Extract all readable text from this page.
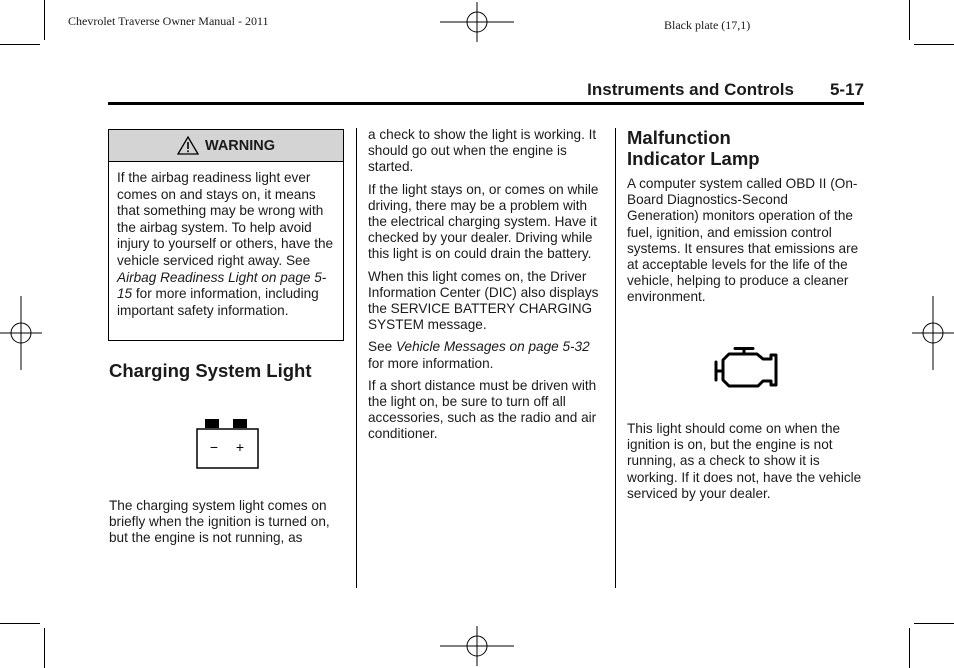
Chevrolet Traverse Owner Manual - 2011	Black plate (17,1)
Instruments and Controls 5-17
WARNING
If the airbag readiness light ever comes on and stays on, it means that something may be wrong with the airbag system. To help avoid injury to yourself or others, have the vehicle serviced right away. See Airbag Readiness Light on page 5-15 for more information, including important safety information.
Charging System Light
− +

The charging system light comes on briefly when the ignition is turned on, but the engine is not running, as

a check to show the light is working. It should go out when the engine is started.

If the light stays on, or comes on while driving, there may be a problem with the electrical charging system. Have it checked by your dealer. Driving while this light is on could drain the battery.

When this light comes on, the Driver Information Center (DIC) also displays the SERVICE BATTERY CHARGING SYSTEM message.

See Vehicle Messages on page 5-32 for more information.

If a short distance must be driven with the light on, be sure to turn off all accessories, such as the radio and air conditioner.

Malfunction
Indicator Lamp

A computer system called OBD II (On-Board Diagnostics-Second Generation) monitors operation of the fuel, ignition, and emission control systems. It ensures that emissions are at acceptable levels for the life of the vehicle, helping to produce a cleaner environment.

This light should come on when the ignition is on, but the engine is not running, as a check to show it is working. If it does not, have the vehicle serviced by your dealer.
